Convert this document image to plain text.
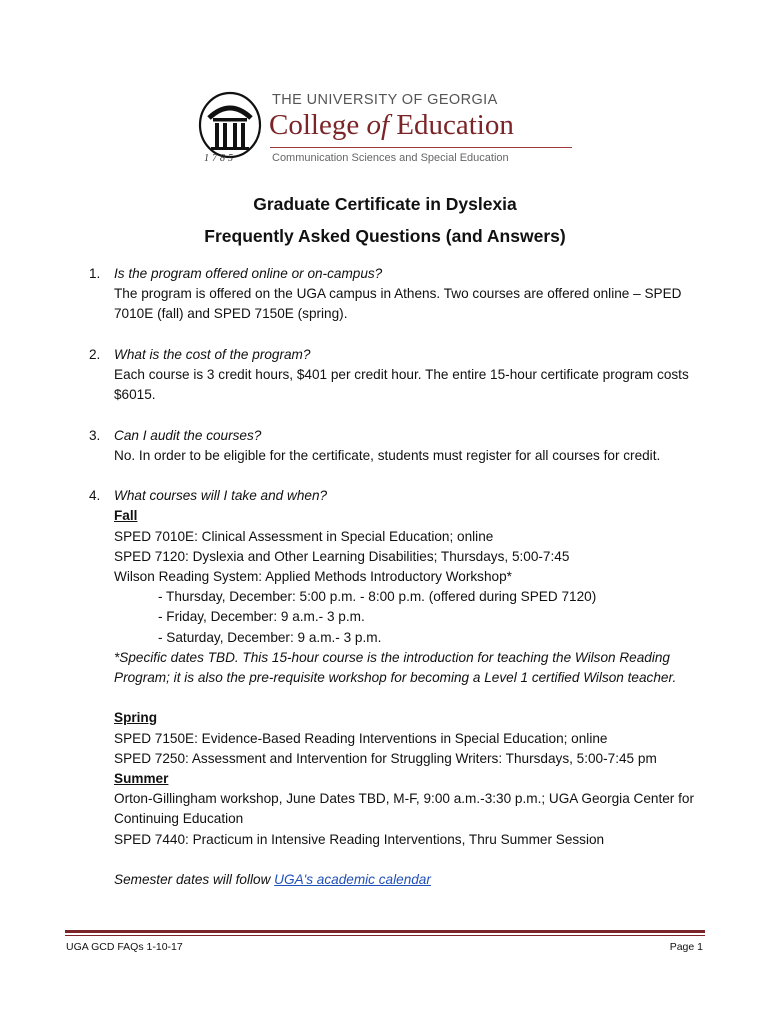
THE UNIVERSITY OF GEORGIA
College of Education
Communication Sciences and Special Education
1785
Graduate Certificate in Dyslexia
Frequently Asked Questions (and Answers)
1. Is the program offered online or on-campus?
The program is offered on the UGA campus in Athens. Two courses are offered online – SPED
7010E (fall) and SPED 7150E (spring).
2. What is the cost of the program?
Each course is 3 credit hours, $401 per credit hour. The entire 15-hour certificate program costs
$6015.
3. Can I audit the courses?
No. In order to be eligible for the certificate, students must register for all courses for credit.
4. What courses will I take and when?
Fall
SPED 7010E: Clinical Assessment in Special Education; online
SPED 7120: Dyslexia and Other Learning Disabilities; Thursdays, 5:00-7:45
Wilson Reading System: Applied Methods Introductory Workshop*
- Thursday, December: 5:00 p.m. - 8:00 p.m. (offered during SPED 7120)
- Friday, December: 9 a.m.- 3 p.m.
- Saturday, December: 9 a.m.- 3 p.m.
*Specific dates TBD. This 15-hour course is the introduction for teaching the Wilson Reading
Program; it is also the pre-requisite workshop for becoming a Level 1 certified Wilson teacher.
Spring
SPED 7150E: Evidence-Based Reading Interventions in Special Education; online
SPED 7250: Assessment and Intervention for Struggling Writers: Thursdays, 5:00-7:45 pm
Summer
Orton-Gillingham workshop, June Dates TBD, M-F, 9:00 a.m.-3:30 p.m.; UGA Georgia Center for
Continuing Education
SPED 7440: Practicum in Intensive Reading Interventions, Thru Summer Session
Semester dates will follow UGA's academic calendar
UGA GCD FAQs 1-10-17	Page 1
